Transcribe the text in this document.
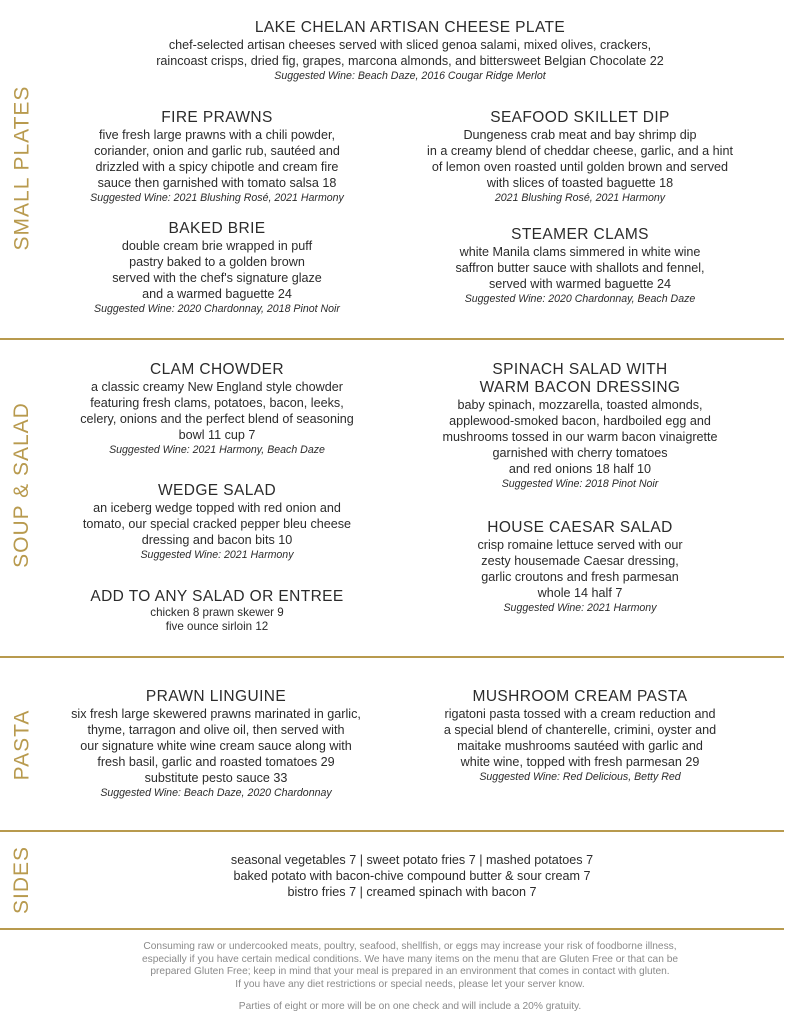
LAKE CHELAN ARTISAN CHEESE PLATE
chef-selected artisan cheeses served with sliced genoa salami, mixed olives, crackers,
raincoast crisps, dried fig, grapes, marcona almonds, and bittersweet Belgian Chocolate 22
Suggested Wine: Beach Daze, 2016 Cougar Ridge Merlot
SMALL PLATES
SOUP & SALAD
PASTA
SIDES
FIRE PRAWNS
five fresh large prawns with a chili powder,
coriander, onion and garlic rub, sautéed and
drizzled with a spicy chipotle and cream fire
sauce then garnished with tomato salsa 18
Suggested Wine: 2021 Blushing Rosé, 2021 Harmony
SEAFOOD SKILLET DIP
Dungeness crab meat and bay shrimp dip
in a creamy blend of cheddar cheese, garlic, and a hint
of lemon oven roasted until golden brown and served
with slices of toasted baguette 18
2021 Blushing Rosé, 2021 Harmony
BAKED BRIE
double cream brie wrapped in puff
pastry baked to a golden brown
served with the chef's signature glaze
and a warmed baguette 24
Suggested Wine: 2020 Chardonnay, 2018 Pinot Noir
STEAMER CLAMS
white Manila clams simmered in white wine
saffron butter sauce with shallots and fennel,
served with warmed baguette 24
Suggested Wine: 2020 Chardonnay, Beach Daze
CLAM CHOWDER
a classic creamy New England style chowder
featuring fresh clams, potatoes, bacon, leeks,
celery, onions and the perfect blend of seasoning
bowl 11 cup 7
Suggested Wine: 2021 Harmony, Beach Daze
SPINACH SALAD WITH
WARM BACON DRESSING
baby spinach, mozzarella, toasted almonds,
applewood-smoked bacon, hardboiled egg and
mushrooms tossed in our warm bacon vinaigrette
garnished with cherry tomatoes
and red onions 18 half 10
Suggested Wine: 2018 Pinot Noir
WEDGE SALAD
an iceberg wedge topped with red onion and
tomato, our special cracked pepper bleu cheese
dressing and bacon bits 10
Suggested Wine: 2021 Harmony
HOUSE CAESAR SALAD
crisp romaine lettuce served with our
zesty housemade Caesar dressing,
garlic croutons and fresh parmesan
whole 14 half 7
Suggested Wine: 2021 Harmony
ADD TO ANY SALAD OR ENTREE
chicken 8 prawn skewer 9
five ounce sirloin 12
PRAWN LINGUINE
six fresh large skewered prawns marinated in garlic,
thyme, tarragon and olive oil, then served with
our signature white wine cream sauce along with
fresh basil, garlic and roasted tomatoes 29
substitute pesto sauce 33
Suggested Wine: Beach Daze, 2020 Chardonnay
MUSHROOM CREAM PASTA
rigatoni pasta tossed with a cream reduction and
a special blend of chanterelle, crimini, oyster and
maitake mushrooms sautéed with garlic and
white wine, topped with fresh parmesan 29
Suggested Wine: Red Delicious, Betty Red
seasonal vegetables 7 | sweet potato fries 7 | mashed potatoes 7
baked potato with bacon-chive compound butter & sour cream 7
bistro fries 7 | creamed spinach with bacon 7
Consuming raw or undercooked meats, poultry, seafood, shellfish, or eggs may increase your risk of foodborne illness,
especially if you have certain medical conditions. We have many items on the menu that are Gluten Free or that can be
prepared Gluten Free; keep in mind that your meal is prepared in an environment that comes in contact with gluten.
If you have any diet restrictions or special needs, please let your server know.
Parties of eight or more will be on one check and will include a 20% gratuity.
